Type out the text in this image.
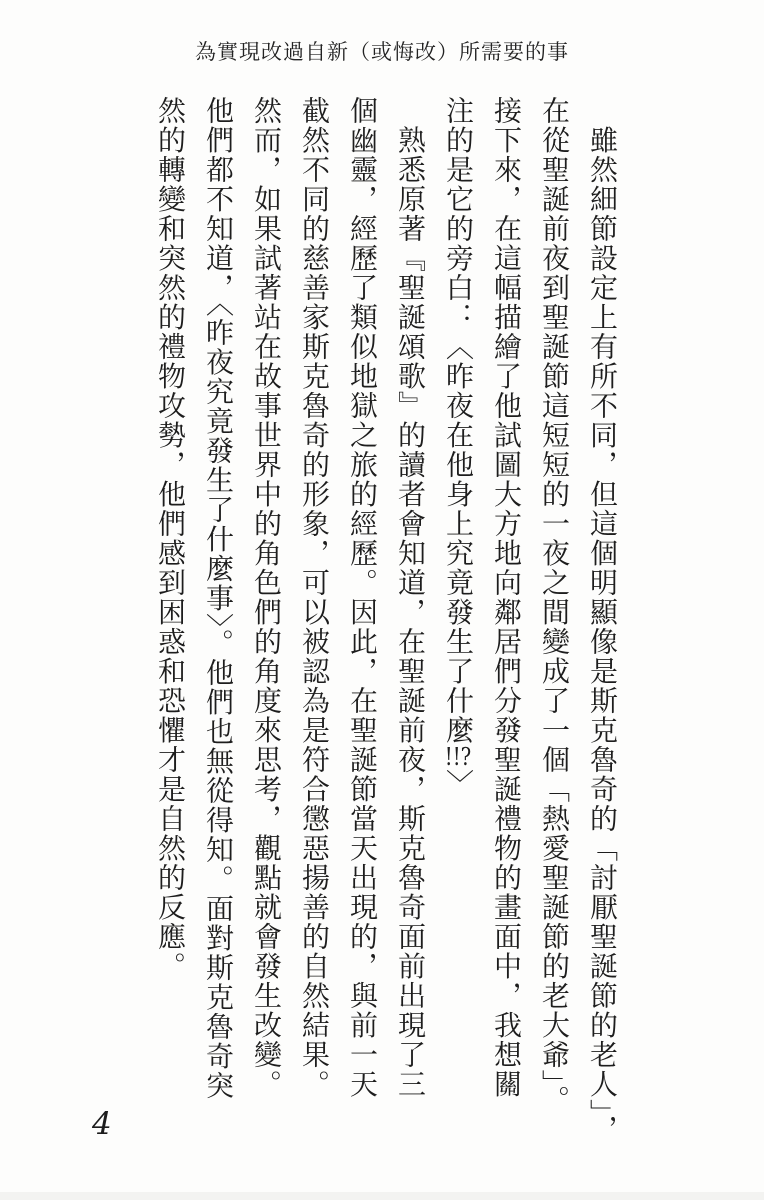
為實現改過自新（或悔改）所需要的事
　雖然細節設定上有所不同，但這個明顯像是斯克魯奇的「討厭聖誕節的老人」，
在從聖誕前夜到聖誕節這短短的一夜之間變成了一個「熱愛聖誕節的老大爺」。
接下來，在這幅描繪了他試圖大方地向鄰居們分發聖誕禮物的畫面中，我想關
注的是它的旁白：〈昨夜在他身上究竟發生了什麼!!?〉
　熟悉原著『聖誕頌歌』的讀者會知道，在聖誕前夜，斯克魯奇面前出現了三
個幽靈，經歷了類似地獄之旅的經歷。因此，在聖誕節當天出現的，與前一天
截然不同的慈善家斯克魯奇的形象，可以被認為是符合懲惡揚善的自然結果。
然而，如果試著站在故事世界中的角色們的角度來思考，觀點就會發生改變。
他們都不知道，〈昨夜究竟發生了什麼事〉。他們也無從得知。面對斯克魯奇突
然的轉變和突然的禮物攻勢，他們感到困惑和恐懼才是自然的反應。
4
